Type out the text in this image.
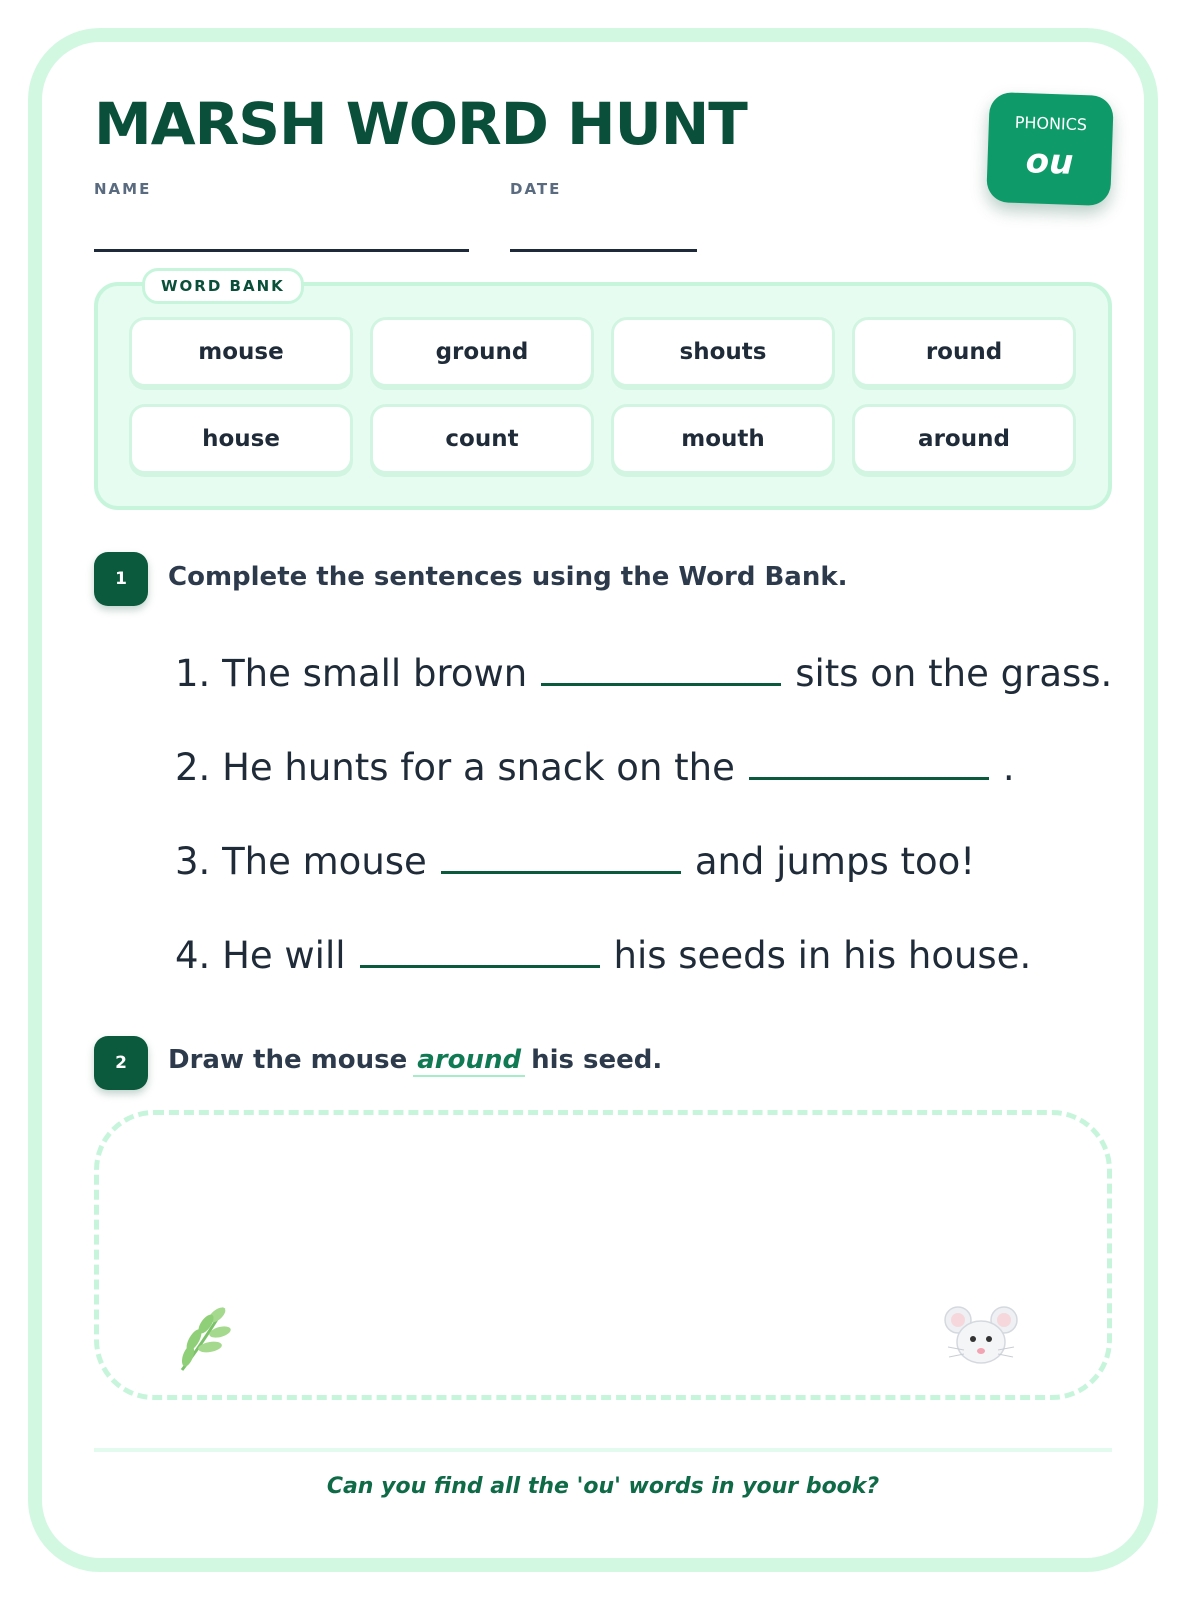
MARSH WORD HUNT
NAME	DATE
PHONICS
ou
WORD BANK
mouse	ground	shouts	round
house	count	mouth	around
1	Complete the sentences using the Word Bank.
1. The small brown	sits on the grass.
2. He hunts for a snack on the	.
3. The mouse	and jumps too!
4. He will	his seeds in his house.
2	Draw the mouse around his seed.
Can you find all the 'ou' words in your book?
